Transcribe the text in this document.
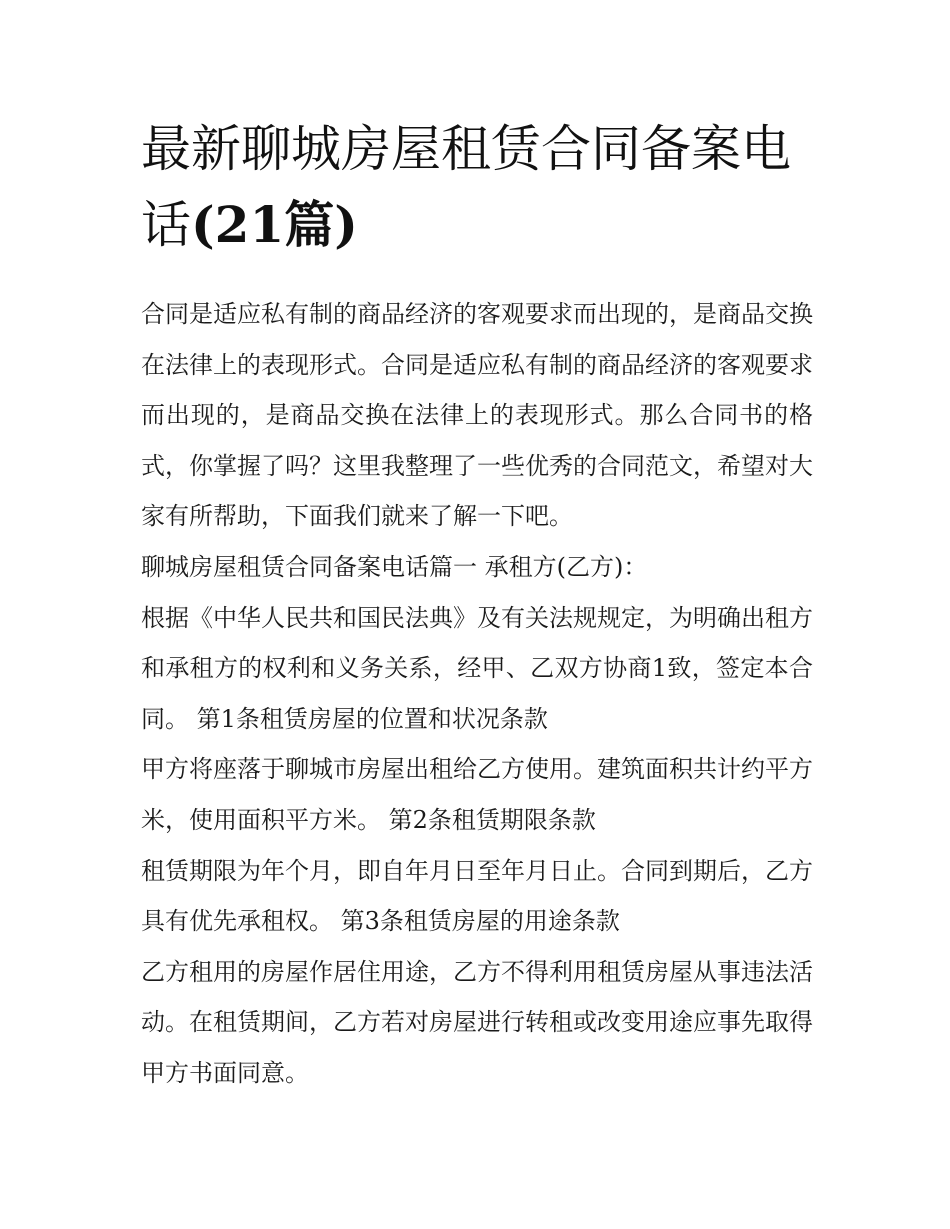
最新聊城房屋租赁合同备案电话(21篇)

合同是适应私有制的商品经济的客观要求而出现的，是商品交换在法律上的表现形式。合同是适应私有制的商品经济的客观要求而出现的，是商品交换在法律上的表现形式。那么合同书的格式，你掌握了吗？这里我整理了一些优秀的合同范文，希望对大家有所帮助，下面我们就来了解一下吧。

聊城房屋租赁合同备案电话篇一 承租方(乙方)：

根据《中华人民共和国民法典》及有关法规规定，为明确出租方和承租方的权利和义务关系，经甲、乙双方协商1致，签定本合同。 第1条租赁房屋的位置和状况条款

甲方将座落于聊城市房屋出租给乙方使用。建筑面积共计约平方米，使用面积平方米。 第2条租赁期限条款

租赁期限为年个月，即自年月日至年月日止。合同到期后，乙方具有优先承租权。 第3条租赁房屋的用途条款

乙方租用的房屋作居住用途，乙方不得利用租赁房屋从事违法活动。在租赁期间，乙方若对房屋进行转租或改变用途应事先取得甲方书面同意。
